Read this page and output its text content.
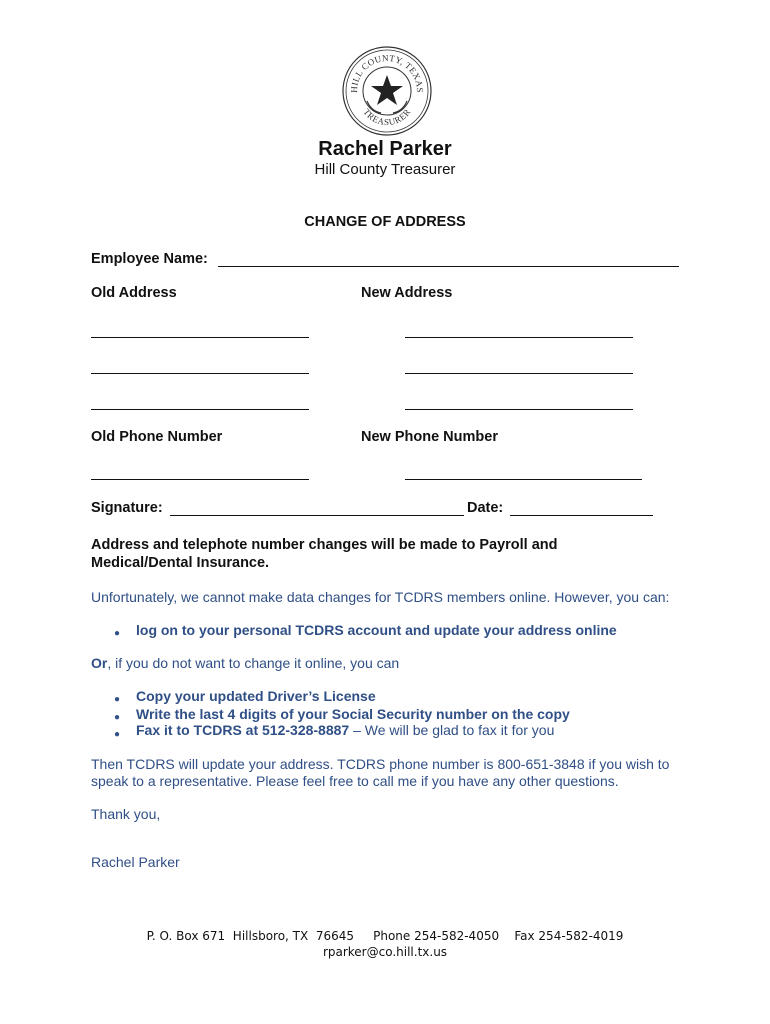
HILL COUNTY, TEXAS
TREASURER
Rachel Parker
Hill County Treasurer
CHANGE OF ADDRESS
Employee Name:
Old Address	New Address
Old Phone Number	New Phone Number
Signature:	Date:
Address and telephote number changes will be made to Payroll and
Medical/Dental Insurance.
Unfortunately, we cannot make data changes for TCDRS members online. However, you can:
● log on to your personal TCDRS account and update your address online
Or, if you do not want to change it online, you can
● Copy your updated Driver’s License
● Write the last 4 digits of your Social Security number on the copy
● Fax it to TCDRS at 512-328-8887 – We will be glad to fax it for you
Then TCDRS will update your address. TCDRS phone number is 800-651-3848 if you wish to
speak to a representative. Please feel free to call me if you have any other questions.
Thank you,
Rachel Parker
P. O. Box 671  Hillsboro, TX  76645     Phone 254-582-4050    Fax 254-582-4019
rparker@co.hill.tx.us
